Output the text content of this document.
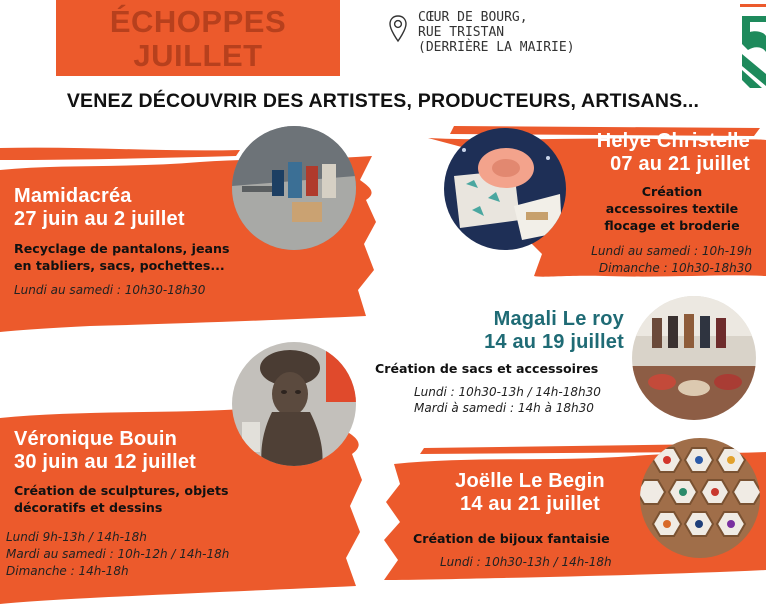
ÉCHOPPES
JUILLET
CŒUR DE BOURG,
RUE TRISTAN
(DERRIÈRE LA MAIRIE)
VENEZ DÉCOUVRIR DES ARTISTES, PRODUCTEURS, ARTISANS...
Mamidacréa
27 juin au 2 juillet
Recyclage de pantalons, jeans
en tabliers, sacs, pochettes...
Lundi au samedi : 10h30-18h30
Helye Christelle
07 au 21 juillet
Création
accessoires textile
flocage et broderie
Lundi au samedi : 10h-19h
Dimanche : 10h30-18h30
Magali Le roy
14 au 19 juillet
Création de sacs et accessoires
Lundi : 10h30-13h / 14h-18h30
Mardi à samedi : 14h à 18h30
Véronique Bouin
30 juin au 12 juillet
Création de sculptures, objets
décoratifs et dessins
Lundi 9h-13h / 14h-18h
Mardi au samedi : 10h-12h / 14h-18h
Dimanche : 14h-18h
Joëlle Le Begin
14 au 21 juillet
Création de bijoux fantaisie
Lundi : 10h30-13h / 14h-18h
